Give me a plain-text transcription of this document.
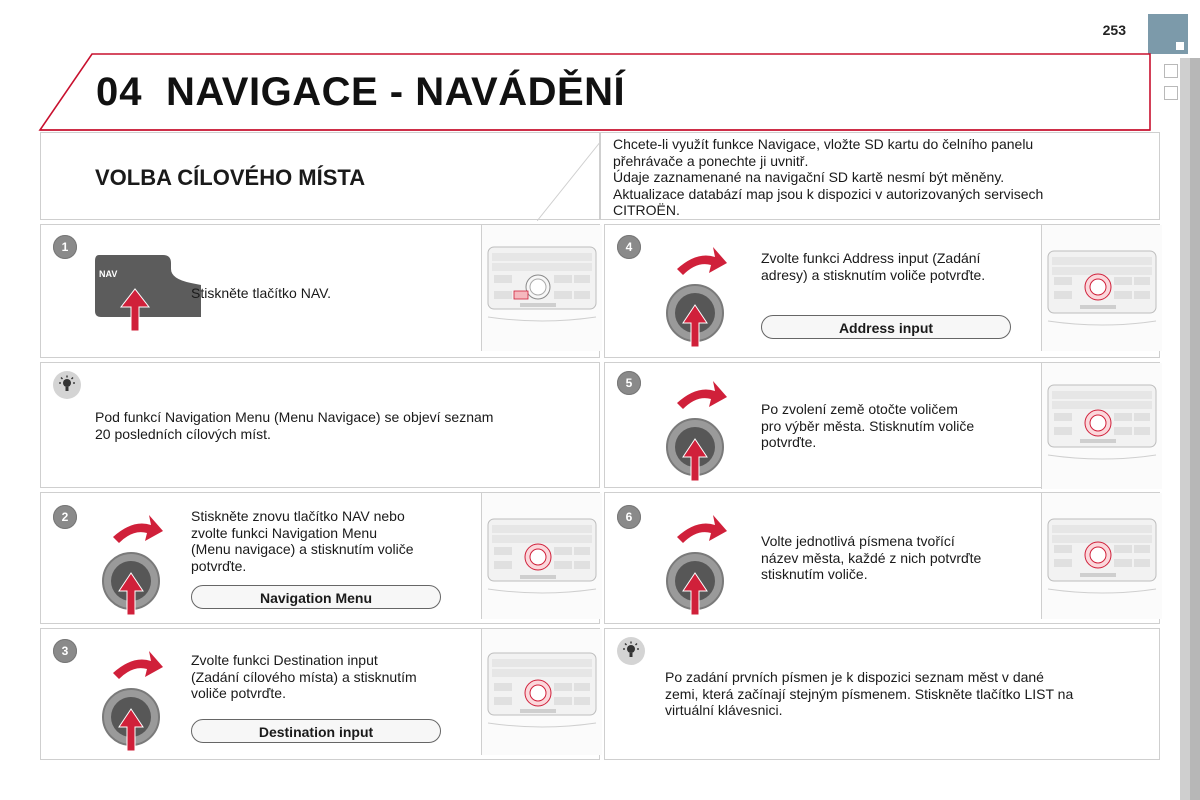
253
04 NAVIGACE - NAVÁDĚNÍ
VOLBA CÍLOVÉHO MÍSTA
Chcete-li využít funkce Navigace, vložte SD kartu do čelního panelu
přehrávače a ponechte ji uvnitř.
Údaje zaznamenané na navigační SD kartě nesmí být měněny.
Aktualizace databází map jsou k dispozici v autorizovaných servisech
CITROËN.
1
NAV
Stiskněte tlačítko NAV.
Pod funkcí Navigation Menu (Menu Navigace) se objeví seznam
20 posledních cílových míst.
2	Stiskněte znovu tlačítko NAV nebo
zvolte funkci Navigation Menu
(Menu navigace) a stisknutím voliče
potvrďte.
Navigation Menu
3
Zvolte funkci Destination input
(Zadání cílového místa) a stisknutím
voliče potvrďte.
Destination input
4
Zvolte funkci Address input (Zadání
adresy) a stisknutím voliče potvrďte.
Address input
5
Po zvolení země otočte voličem
pro výběr města. Stisknutím voliče
potvrďte.
6
Volte jednotlivá písmena tvořící
název města, každé z nich potvrďte
stisknutím voliče.
Po zadání prvních písmen je k dispozici seznam měst v dané
zemi, která začínají stejným písmenem. Stiskněte tlačítko LIST na
virtuální klávesnici.
